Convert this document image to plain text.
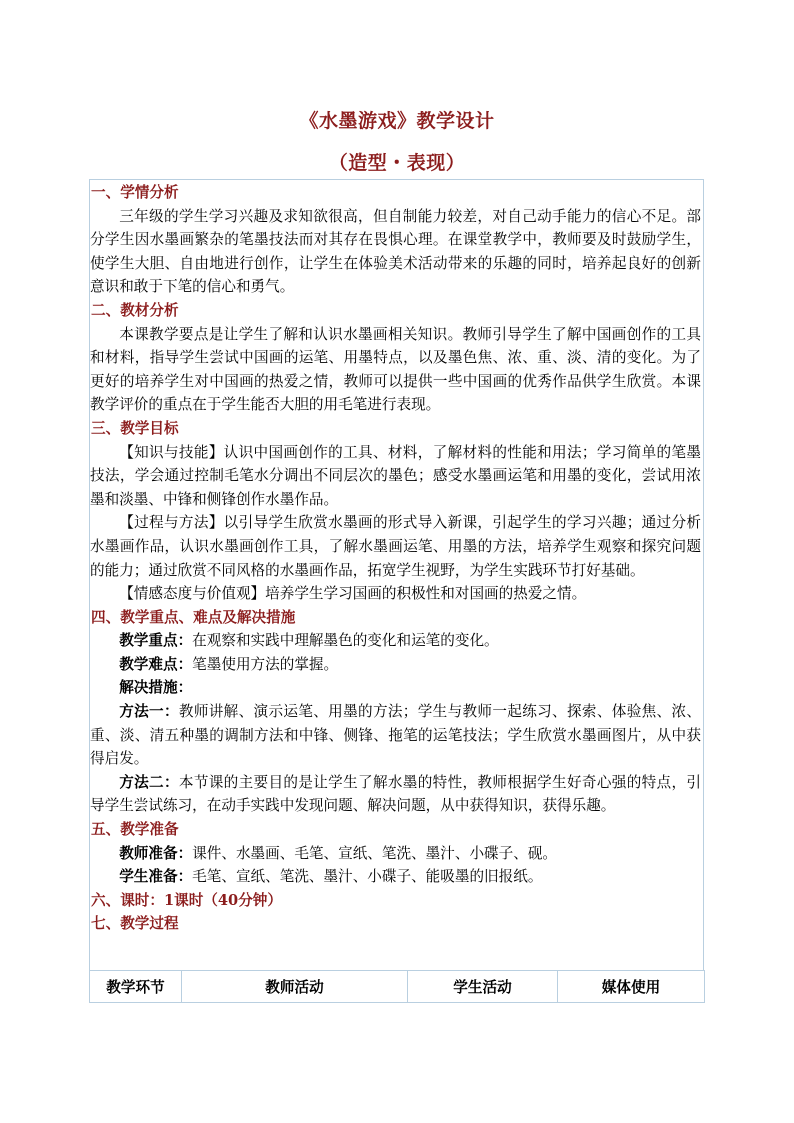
《水墨游戏》教学设计
（造型・表现）

一、学情分析

三年级的学生学习兴趣及求知欲很高，但自制能力较差，对自己动手能力的信心不足。部分学生因水墨画繁杂的笔墨技法而对其存在畏惧心理。在课堂教学中，教师要及时鼓励学生，使学生大胆、自由地进行创作，让学生在体验美术活动带来的乐趣的同时，培养起良好的创新意识和敢于下笔的信心和勇气。

二、教材分析

本课教学要点是让学生了解和认识水墨画相关知识。教师引导学生了解中国画创作的工具和材料，指导学生尝试中国画的运笔、用墨特点，以及墨色焦、浓、重、淡、清的变化。为了更好的培养学生对中国画的热爱之情，教师可以提供一些中国画的优秀作品供学生欣赏。本课教学评价的重点在于学生能否大胆的用毛笔进行表现。

三、教学目标

【知识与技能】认识中国画创作的工具、材料，了解材料的性能和用法；学习简单的笔墨技法，学会通过控制毛笔水分调出不同层次的墨色；感受水墨画运笔和用墨的变化，尝试用浓墨和淡墨、中锋和侧锋创作水墨作品。

【过程与方法】以引导学生欣赏水墨画的形式导入新课，引起学生的学习兴趣；通过分析水墨画作品，认识水墨画创作工具，了解水墨画运笔、用墨的方法，培养学生观察和探究问题的能力；通过欣赏不同风格的水墨画作品，拓宽学生视野，为学生实践环节打好基础。

【情感态度与价值观】培养学生学习国画的积极性和对国画的热爱之情。

四、教学重点、难点及解决措施

教学重点：在观察和实践中理解墨色的变化和运笔的变化。

教学难点：笔墨使用方法的掌握。

解决措施：

方法一：教师讲解、演示运笔、用墨的方法；学生与教师一起练习、探索、体验焦、浓、重、淡、清五种墨的调制方法和中锋、侧锋、拖笔的运笔技法；学生欣赏水墨画图片，从中获得启发。

方法二：本节课的主要目的是让学生了解水墨的特性，教师根据学生好奇心强的特点，引导学生尝试练习，在动手实践中发现问题、解决问题，从中获得知识，获得乐趣。

五、教学准备

教师准备：课件、水墨画、毛笔、宣纸、笔洗、墨汁、小碟子、砚。

学生准备：毛笔、宣纸、笔洗、墨汁、小碟子、能吸墨的旧报纸。

六、课时：1课时（40分钟）

七、教学过程

教学环节	教师活动	学生活动	媒体使用
